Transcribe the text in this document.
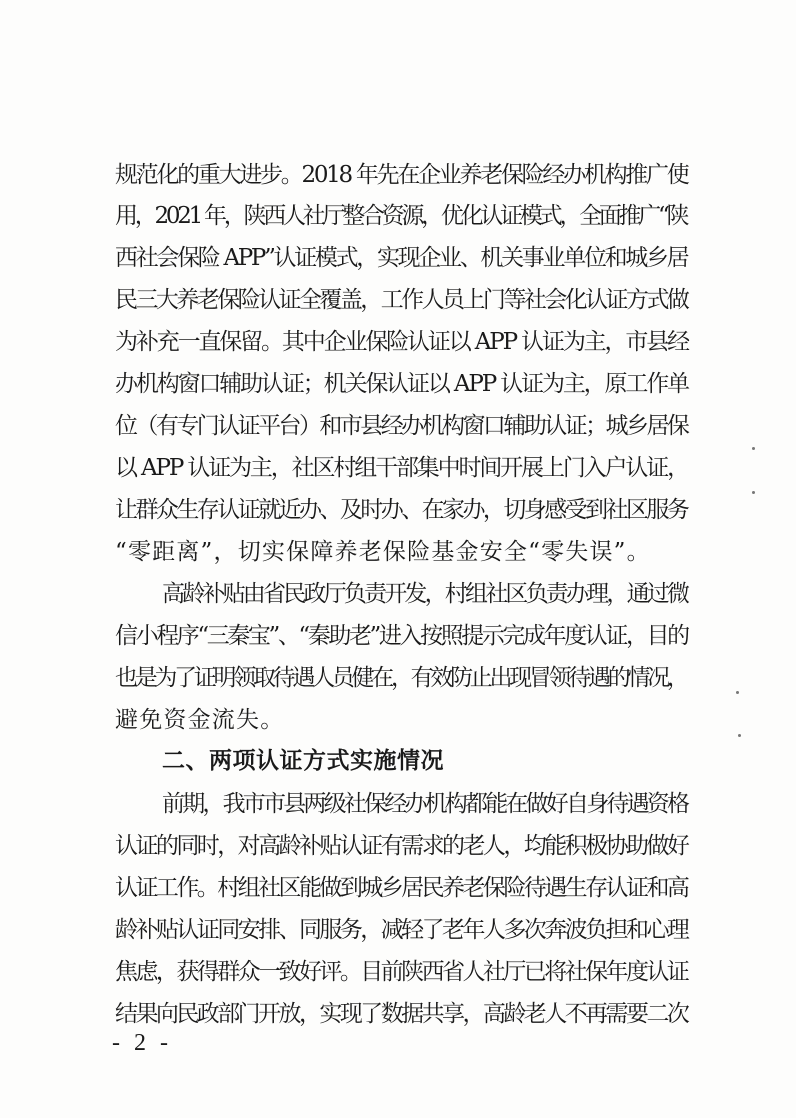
规范化的重大进步。2018 年先在企业养老保险经办机构推广使
用，2021 年，陕西人社厅整合资源，优化认证模式，全面推广“陕
西社会保险 APP”认证模式，实现企业、机关事业单位和城乡居
民三大养老保险认证全覆盖，工作人员上门等社会化认证方式做
为补充一直保留。其中企业保险认证以 APP 认证为主，市县经
办机构窗口辅助认证；机关保认证以 APP 认证为主，原工作单
位（有专门认证平台）和市县经办机构窗口辅助认证；城乡居保
以 APP 认证为主，社区村组干部集中时间开展上门入户认证，
让群众生存认证就近办、及时办、在家办，切身感受到社区服务
“零距离”，切实保障养老保险基金安全“零失误”。
高龄补贴由省民政厅负责开发，村组社区负责办理，通过微
信小程序“三秦宝”、“秦助老”进入按照提示完成年度认证，目的
也是为了证明领取待遇人员健在，有效防止出现冒领待遇的情况，
避免资金流失。
二、两项认证方式实施情况
前期，我市市县两级社保经办机构都能在做好自身待遇资格
认证的同时，对高龄补贴认证有需求的老人，均能积极协助做好
认证工作。村组社区能做到城乡居民养老保险待遇生存认证和高
龄补贴认证同安排、同服务，减轻了老年人多次奔波负担和心理
焦虑，获得群众一致好评。目前陕西省人社厅已将社保年度认证
结果向民政部门开放，实现了数据共享，高龄老人不再需要二次
- 2 -
